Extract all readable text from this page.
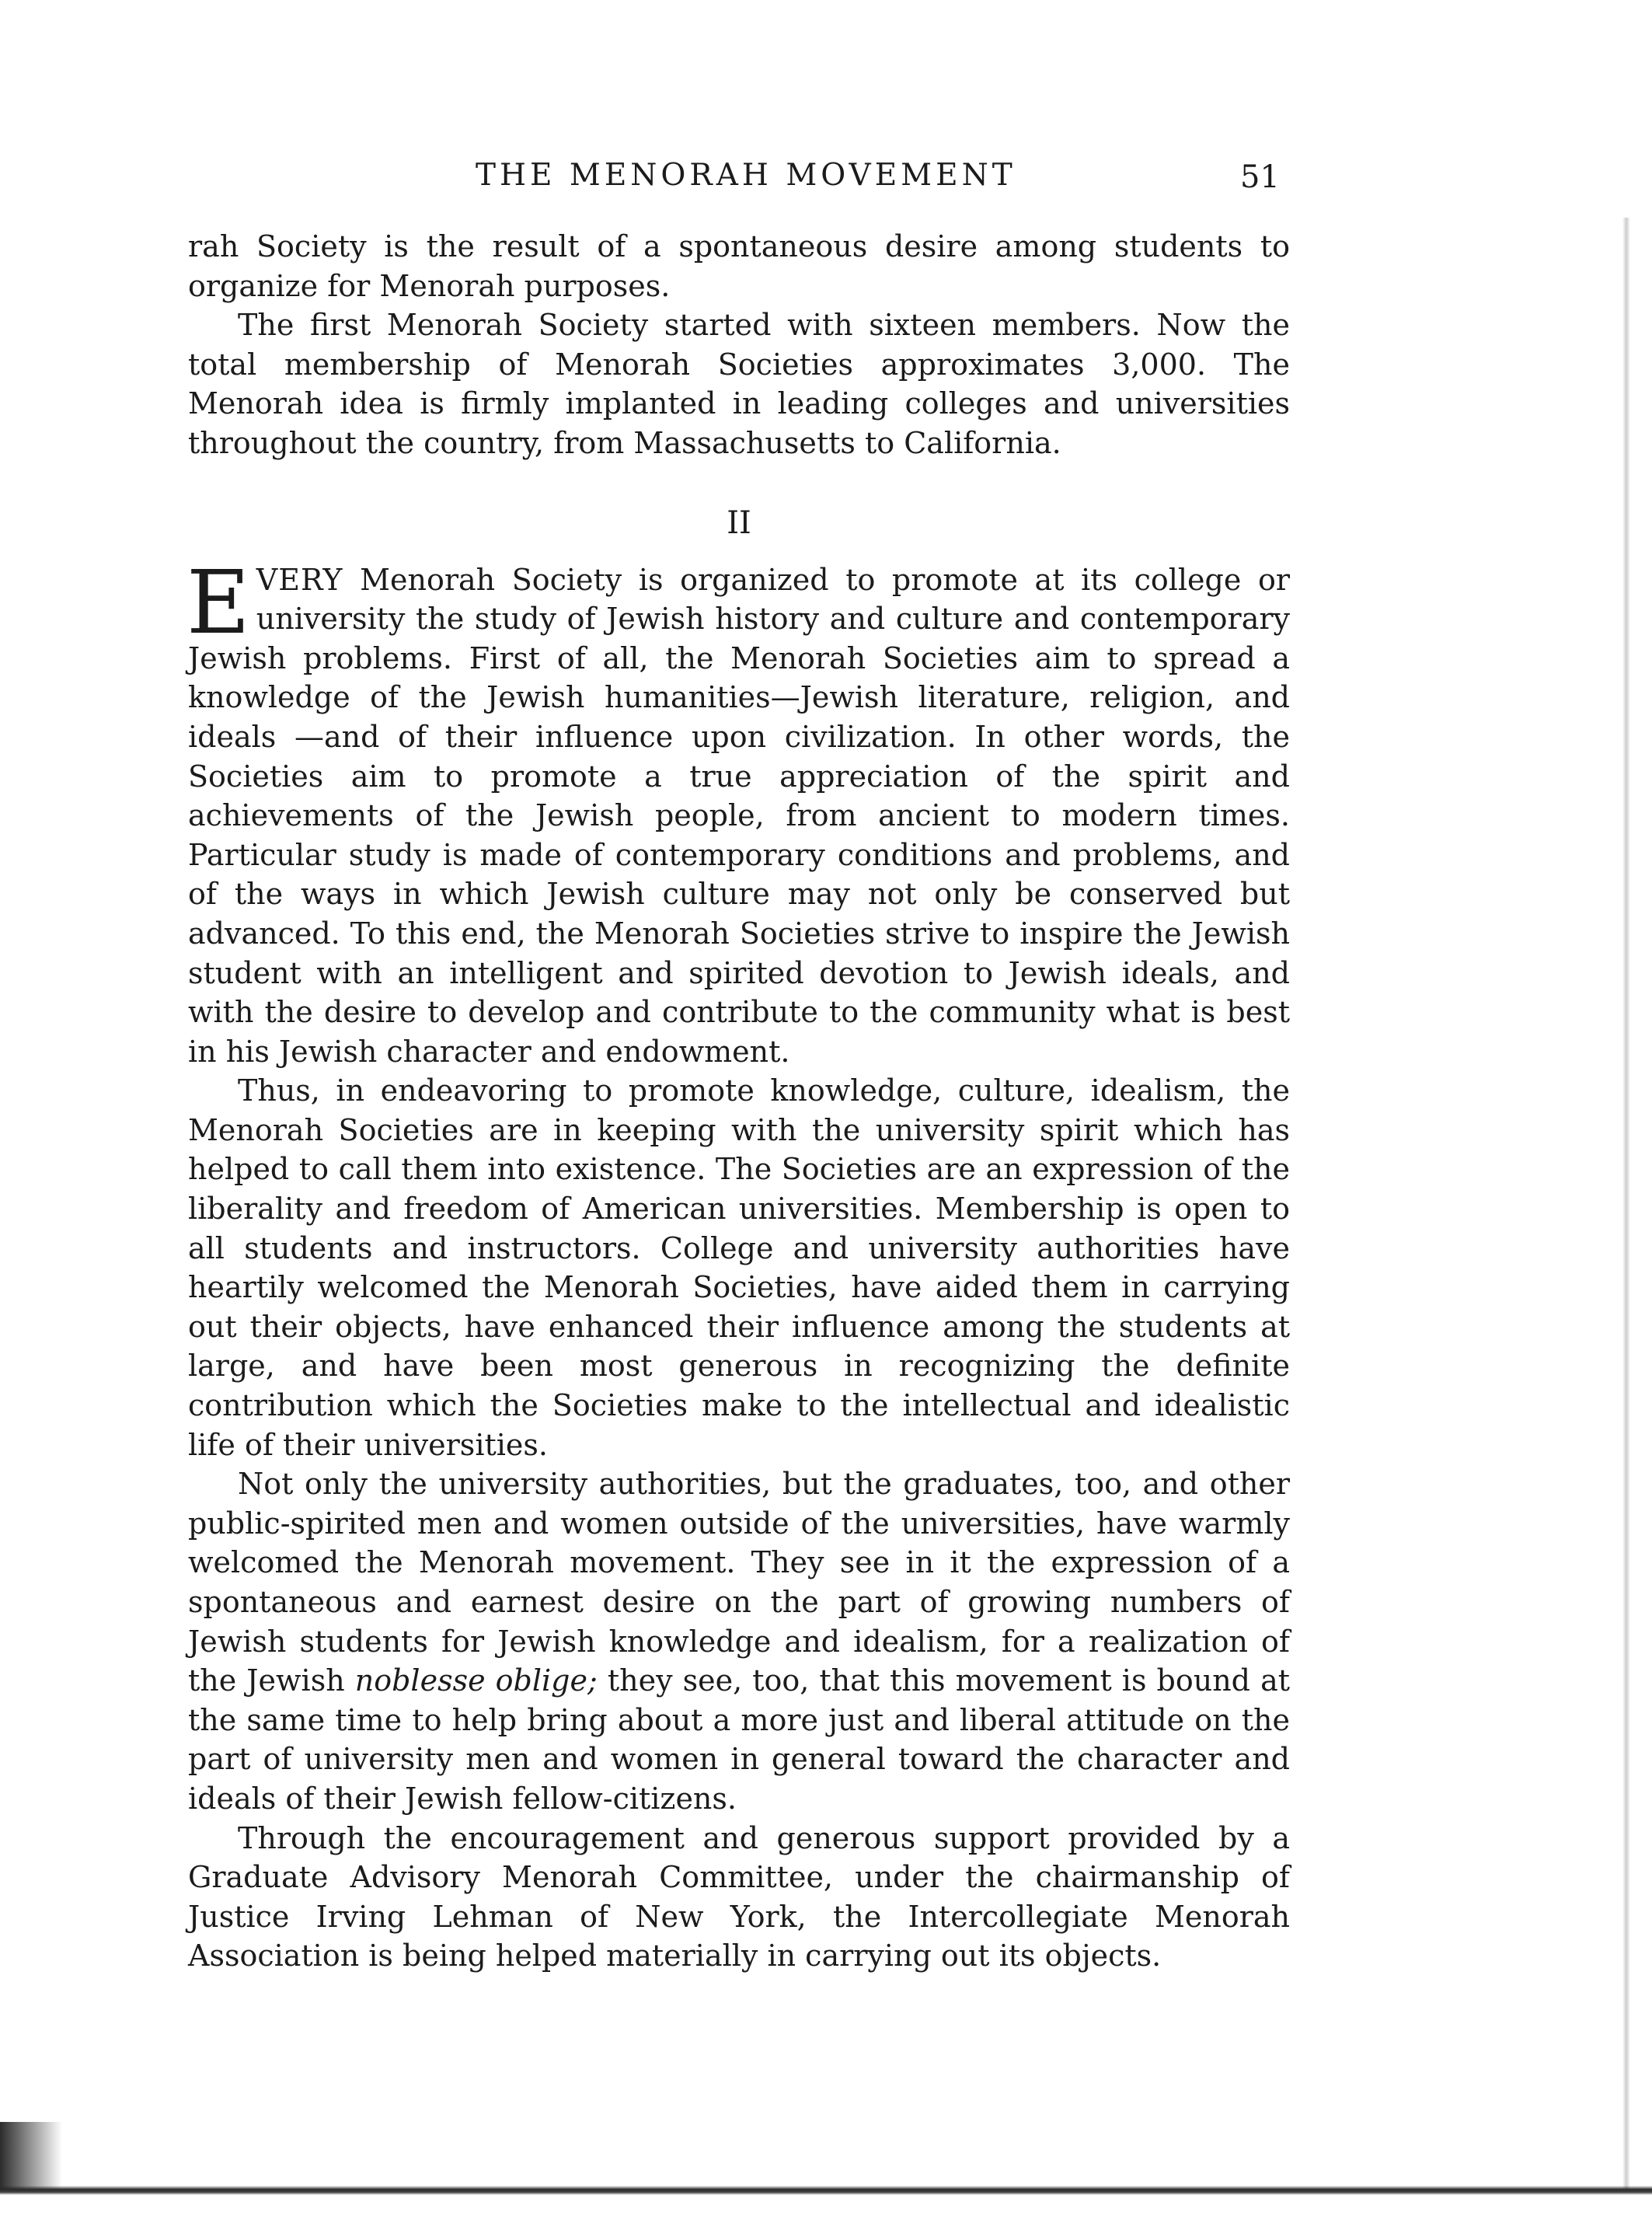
THE MENORAH MOVEMENT	51

rah Society is the result of a spontaneous desire among students to organize for Menorah purposes.

The first Menorah Society started with sixteen members. Now the total membership of Menorah Societies approximates 3,000. The Menorah idea is firmly implanted in leading colleges and universities throughout the country, from Massachusetts to California.

II

EVERY Menorah Society is organized to promote at its college or university the study of Jewish history and culture and contemporary Jewish problems. First of all, the Menorah Societies aim to spread a knowledge of the Jewish humanities—Jewish literature, religion, and ideals —and of their influence upon civilization. In other words, the Societies aim to promote a true appreciation of the spirit and achievements of the Jewish people, from ancient to modern times. Particular study is made of contemporary conditions and problems, and of the ways in which Jewish culture may not only be conserved but advanced. To this end, the Menorah Societies strive to inspire the Jewish student with an intelligent and spirited devotion to Jewish ideals, and with the desire to develop and contribute to the community what is best in his Jewish character and endowment.

Thus, in endeavoring to promote knowledge, culture, idealism, the Menorah Societies are in keeping with the university spirit which has helped to call them into existence. The Societies are an expression of the liberality and freedom of American universities. Membership is open to all students and instructors. College and university authorities have heartily welcomed the Menorah Societies, have aided them in carrying out their objects, have enhanced their influence among the students at large, and have been most generous in recognizing the definite contribution which the Societies make to the intellectual and idealistic life of their universities.

Not only the university authorities, but the graduates, too, and other public-spirited men and women outside of the universities, have warmly welcomed the Menorah movement. They see in it the expression of a spontaneous and earnest desire on the part of growing numbers of Jewish students for Jewish knowledge and idealism, for a realization of the Jewish noblesse oblige; they see, too, that this movement is bound at the same time to help bring about a more just and liberal attitude on the part of university men and women in general toward the character and ideals of their Jewish fellow-citizens.

Through the encouragement and generous support provided by a Graduate Advisory Menorah Committee, under the chairmanship of Justice Irving Lehman of New York, the Intercollegiate Menorah Association is being helped materially in carrying out its objects.
